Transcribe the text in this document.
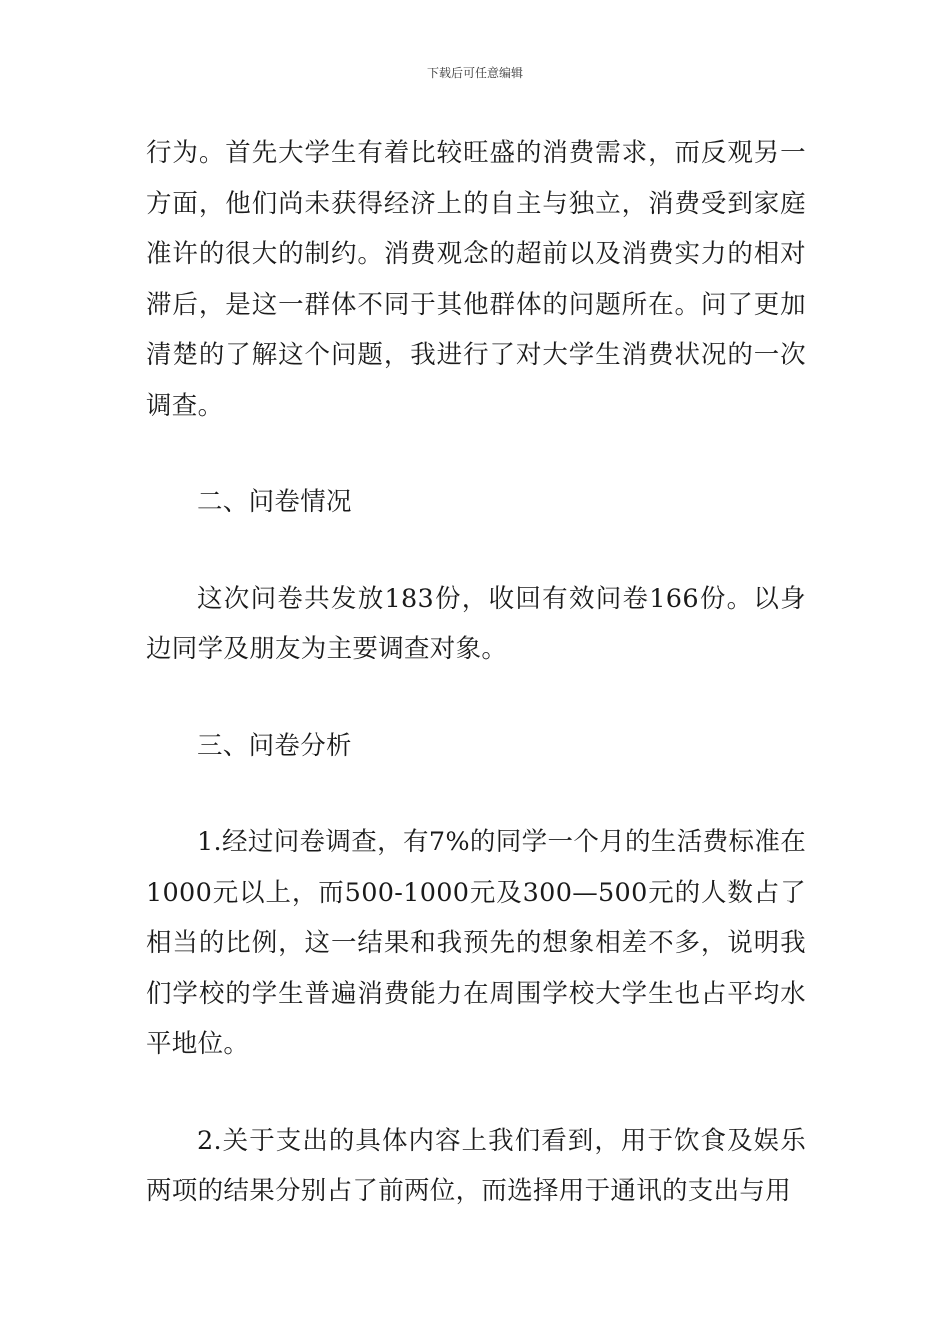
下载后可任意编辑

行为。首先大学生有着比较旺盛的消费需求，而反观另一方面，他们尚未获得经济上的自主与独立，消费受到家庭准许的很大的制约。消费观念的超前以及消费实力的相对滞后，是这一群体不同于其他群体的问题所在。问了更加清楚的了解这个问题，我进行了对大学生消费状况的一次调查。

二、问卷情况

这次问卷共发放183份，收回有效问卷166份。以身边同学及朋友为主要调查对象。

三、问卷分析

1.经过问卷调查，有7%的同学一个月的生活费标准在1000元以上，而500-1000元及300—500元的人数占了相当的比例，这一结果和我预先的想象相差不多，说明我们学校的学生普遍消费能力在周围学校大学生也占平均水平地位。

2.关于支出的具体内容上我们看到，用于饮食及娱乐两项的结果分别占了前两位，而选择用于通讯的支出与用
